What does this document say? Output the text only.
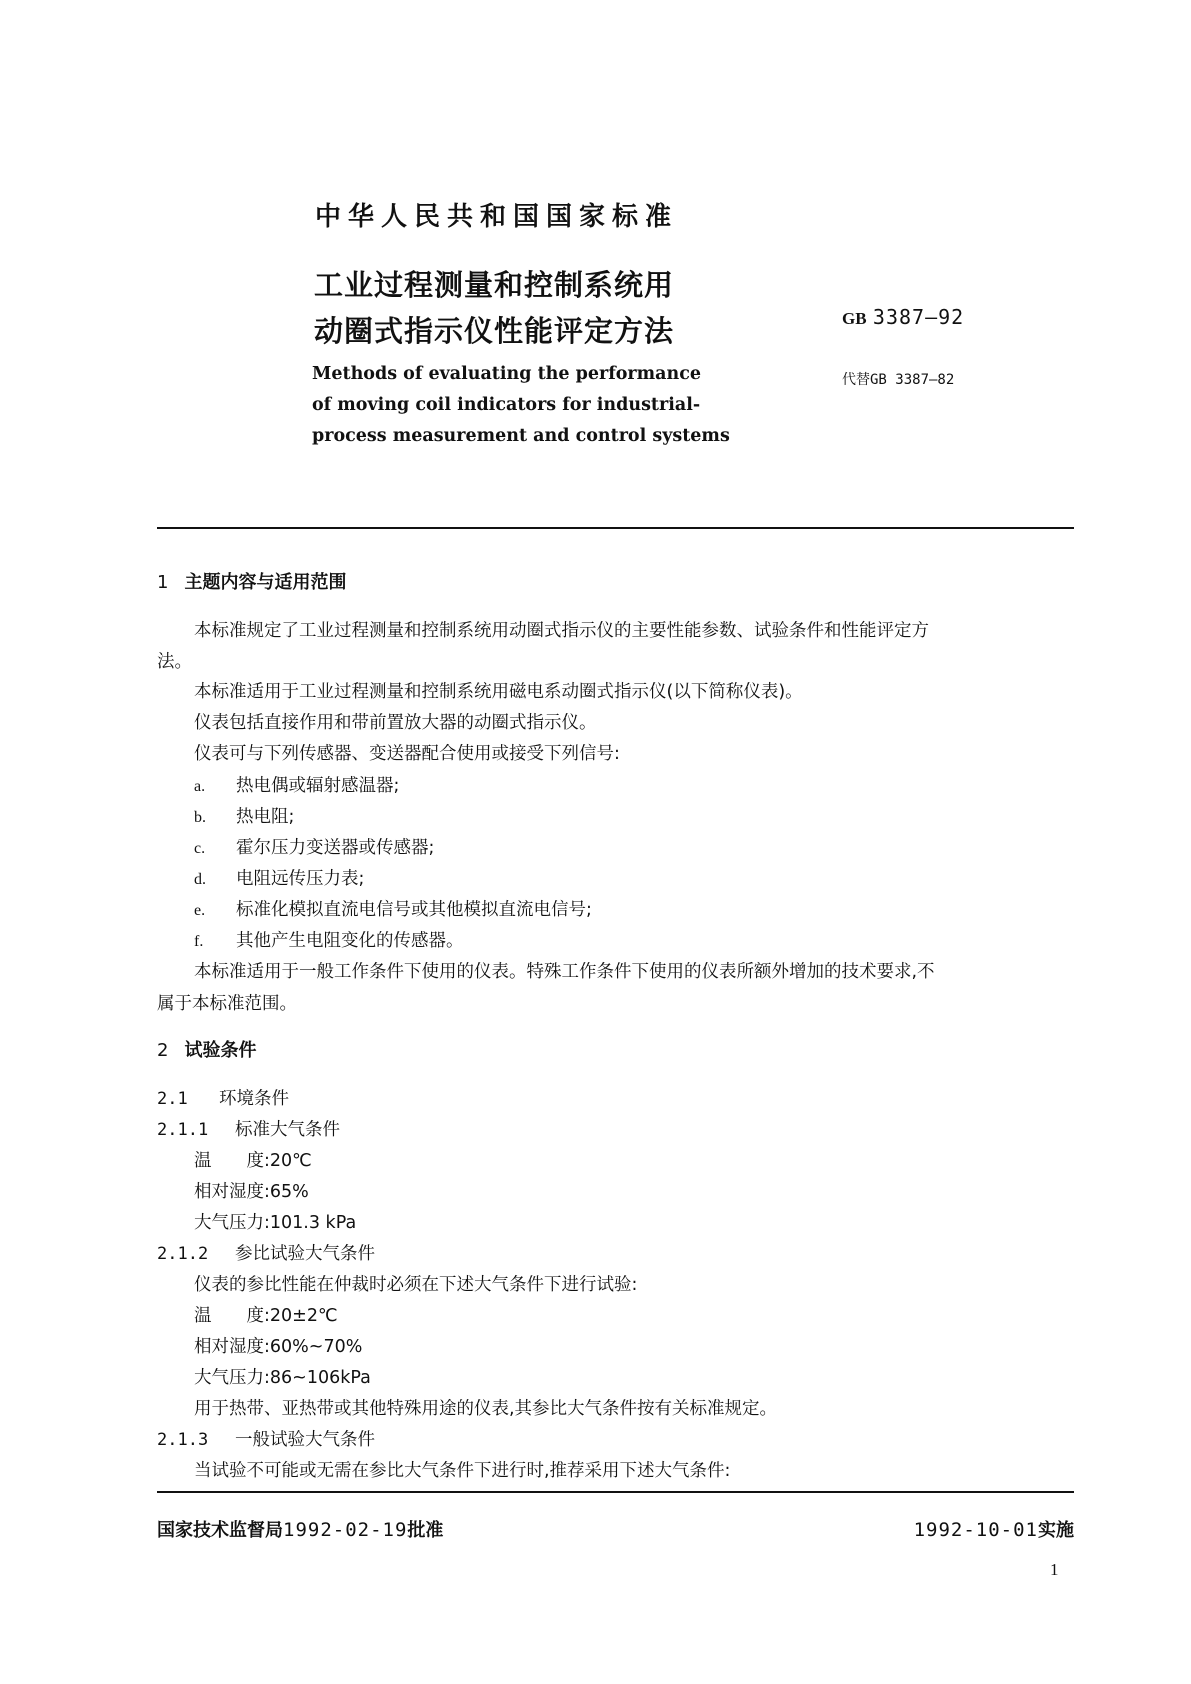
中华人民共和国国家标准
工业过程测量和控制系统用
动圈式指示仪性能评定方法
Methods of evaluating the performance
of moving coil indicators for industrial-
process measurement and control systems
GB 3387—92
代替GB 3387—82
1 主题内容与适用范围
本标准规定了工业过程测量和控制系统用动圈式指示仪的主要性能参数、试验条件和性能评定方
法。
本标准适用于工业过程测量和控制系统用磁电系动圈式指示仪(以下简称仪表)。
仪表包括直接作用和带前置放大器的动圈式指示仪。
仪表可与下列传感器、变送器配合使用或接受下列信号:
a. 热电偶或辐射感温器;
b. 热电阻;
c. 霍尔压力变送器或传感器;
d. 电阻远传压力表;
e. 标准化模拟直流电信号或其他模拟直流电信号;
f. 其他产生电阻变化的传感器。
本标准适用于一般工作条件下使用的仪表。特殊工作条件下使用的仪表所额外增加的技术要求,不
属于本标准范围。
2 试验条件
2.1 环境条件
2.1.1 标准大气条件
温　　度:20℃
相对湿度:65%
大气压力:101.3 kPa
2.1.2 参比试验大气条件
仪表的参比性能在仲裁时必须在下述大气条件下进行试验:
温　　度:20±2℃
相对湿度:60%~70%
大气压力:86~106kPa
用于热带、亚热带或其他特殊用途的仪表,其参比大气条件按有关标准规定。
2.1.3 一般试验大气条件
当试验不可能或无需在参比大气条件下进行时,推荐采用下述大气条件:
国家技术监督局1992-02-19批准	1992-10-01实施
1
